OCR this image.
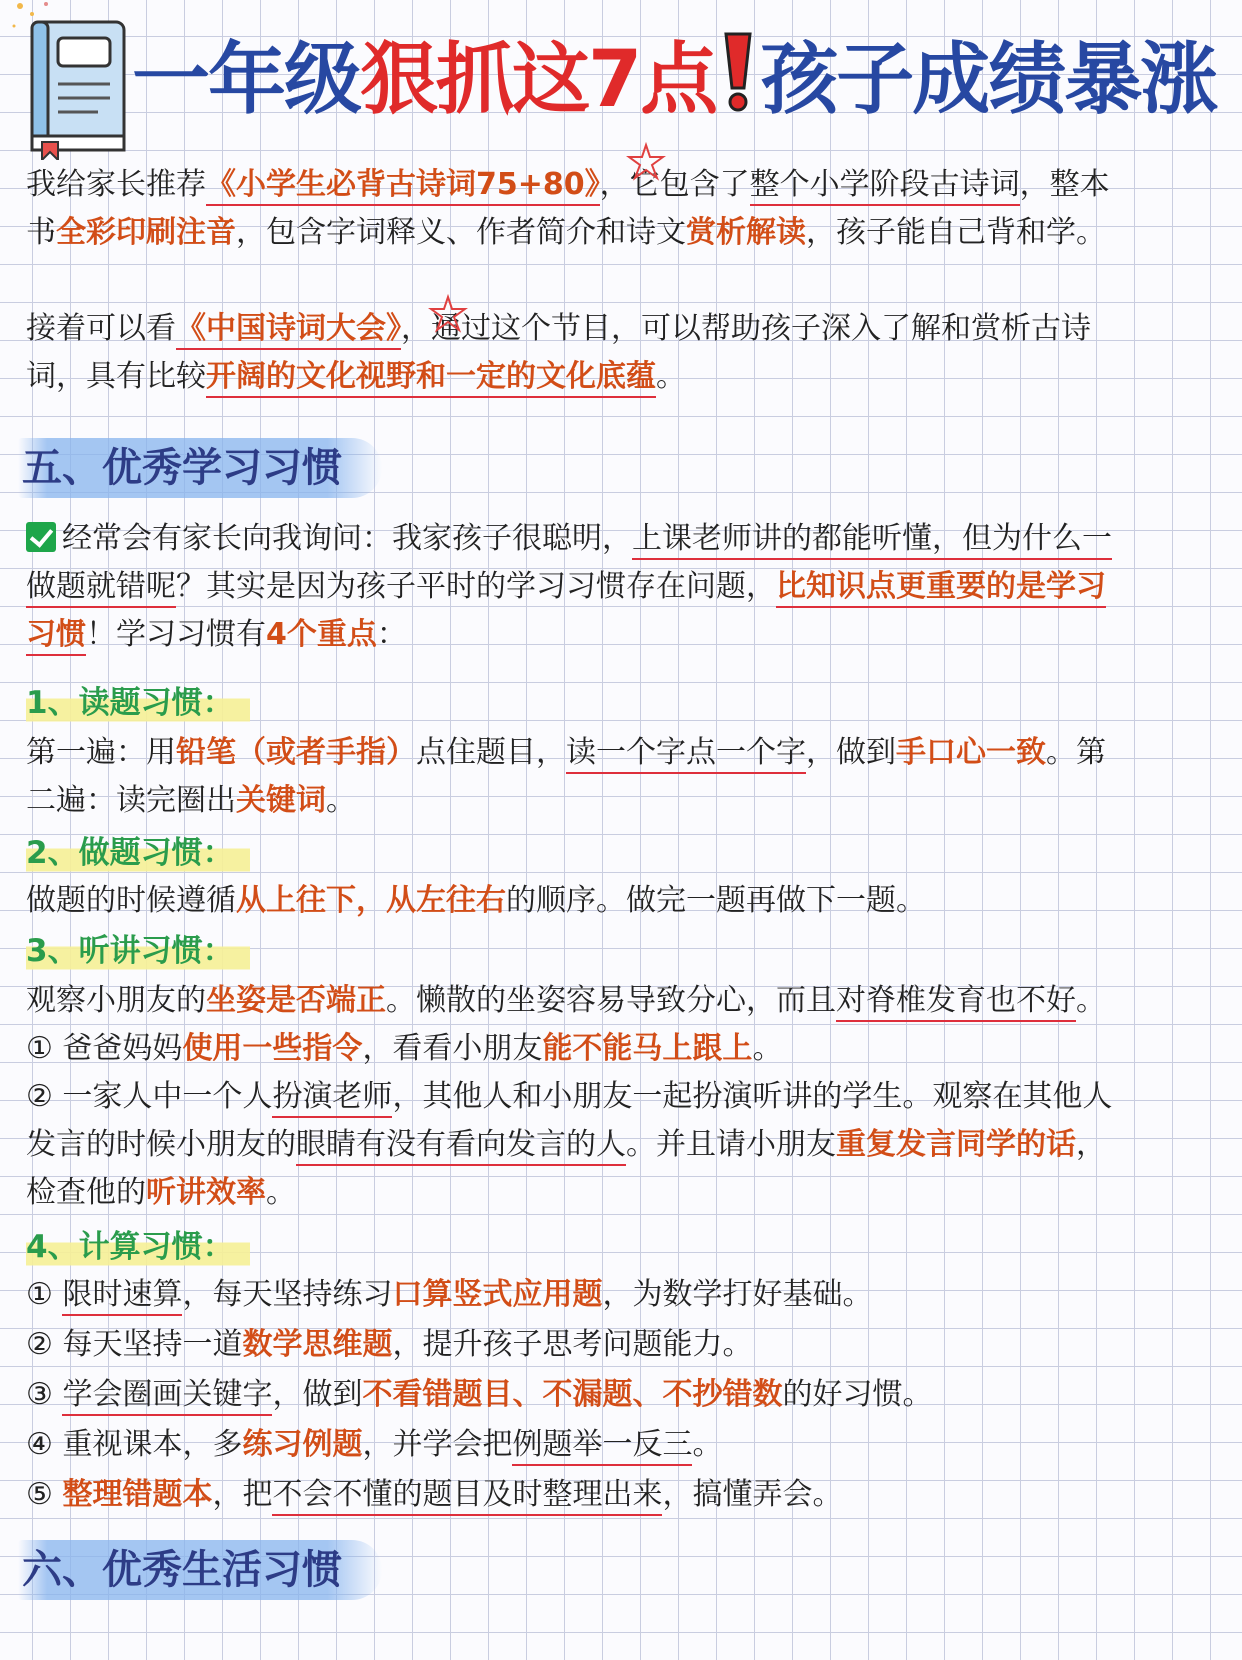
一年级狠抓这7点 孩子成绩暴涨
我给家长推荐《小学生必背古诗词75+80》，它包含了整个小学阶段古诗词，整本
书全彩印刷注音，包含字词释义、作者简介和诗文赏析解读，孩子能自己背和学。
接着可以看《中国诗词大会》，通过这个节目，可以帮助孩子深入了解和赏析古诗
词，具有比较开阔的文化视野和一定的文化底蕴。
五、优秀学习习惯
经常会有家长向我询问：我家孩子很聪明，上课老师讲的都能听懂，但为什么一
做题就错呢？其实是因为孩子平时的学习习惯存在问题，比知识点更重要的是学习
习惯！学习习惯有4个重点：
1、读题习惯：
第一遍：用铅笔（或者手指）点住题目，读一个字点一个字，做到手口心一致。第
二遍：读完圈出关键词。
2、做题习惯：
做题的时候遵循从上往下，从左往右的顺序。做完一题再做下一题。
3、听讲习惯：
观察小朋友的坐姿是否端正。懒散的坐姿容易导致分心，而且对脊椎发育也不好。
① 爸爸妈妈使用一些指令，看看小朋友能不能马上跟上。
② 一家人中一个人扮演老师，其他人和小朋友一起扮演听讲的学生。观察在其他人
发言的时候小朋友的眼睛有没有看向发言的人。并且请小朋友重复发言同学的话，
检查他的听讲效率。
4、计算习惯：
① 限时速算，每天坚持练习口算竖式应用题，为数学打好基础。
② 每天坚持一道数学思维题，提升孩子思考问题能力。
③ 学会圈画关键字，做到不看错题目、不漏题、不抄错数的好习惯。
④ 重视课本，多练习例题，并学会把例题举一反三。
⑤ 整理错题本，把不会不懂的题目及时整理出来，搞懂弄会。
六、优秀生活习惯
